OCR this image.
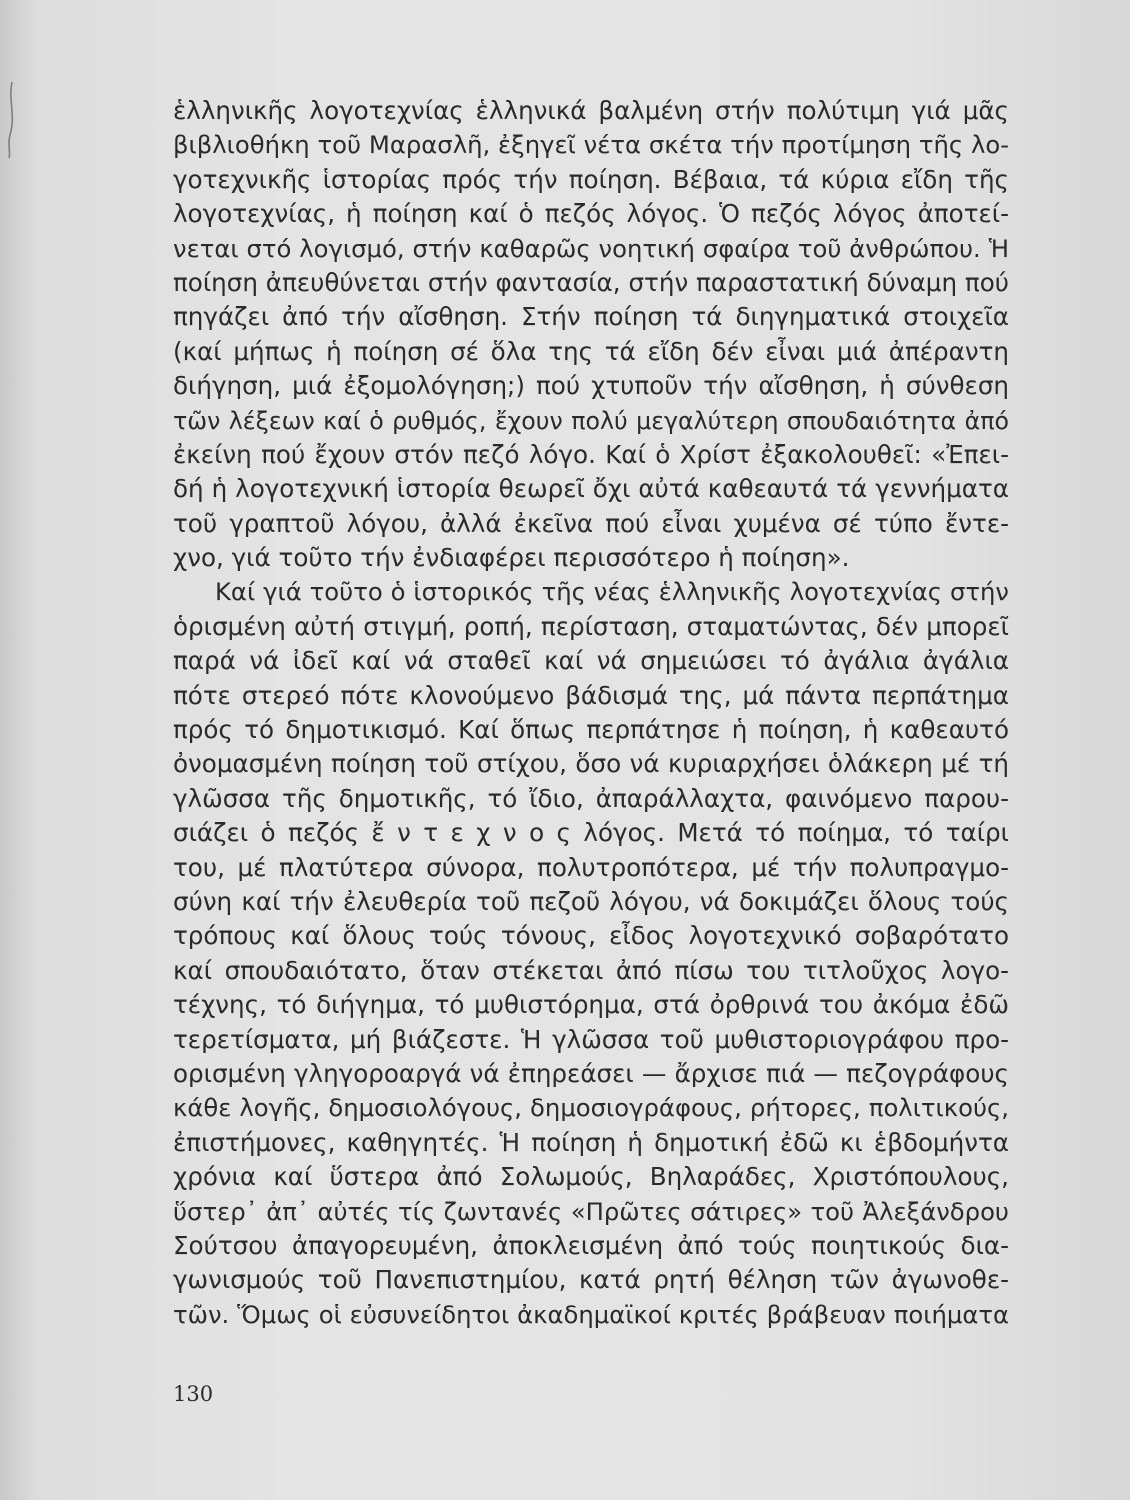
ἑλληνικῆς λογοτεχνίας ἑλληνικά βαλμένη στήν πολύτιμη γιά μᾶς
βιβλιοθήκη τοῦ Μαρασλῆ, ἐξηγεῖ νέτα σκέτα τήν προτίμηση τῆς λο-
γοτεχνικῆς ἱστορίας πρός τήν ποίηση. Βέβαια, τά κύρια εἴδη τῆς
λογοτεχνίας, ἡ ποίηση καί ὁ πεζός λόγος. Ὁ πεζός λόγος ἀποτεί-
νεται στό λογισμό, στήν καθαρῶς νοητική σφαίρα τοῦ ἀνθρώπου. Ἡ
ποίηση ἀπευθύνεται στήν φαντασία, στήν παραστατική δύναμη πού
πηγάζει ἀπό τήν αἴσθηση. Στήν ποίηση τά διηγηματικά στοιχεῖα
(καί μήπως ἡ ποίηση σέ ὅλα της τά εἴδη δέν εἶναι μιά ἀπέραντη
διήγηση, μιά ἐξομολόγηση;) πού χτυποῦν τήν αἴσθηση, ἡ σύνθεση
τῶν λέξεων καί ὁ ρυθμός, ἔχουν πολύ μεγαλύτερη σπουδαιότητα ἀπό
ἐκείνη πού ἔχουν στόν πεζό λόγο. Καί ὁ Χρίστ ἐξακολουθεῖ: «Ἐπει-
δή ἡ λογοτεχνική ἱστορία θεωρεῖ ὄχι αὐτά καθεαυτά τά γεννήματα
τοῦ γραπτοῦ λόγου, ἀλλά ἐκεῖνα πού εἶναι χυμένα σέ τύπο ἔντε-
χνο, γιά τοῦτο τήν ἐνδιαφέρει περισσότερο ἡ ποίηση».
Καί γιά τοῦτο ὁ ἱστορικός τῆς νέας ἑλληνικῆς λογοτεχνίας στήν
ὁρισμένη αὐτή στιγμή, ροπή, περίσταση, σταματώντας, δέν μπορεῖ
παρά νά ἰδεῖ καί νά σταθεῖ καί νά σημειώσει τό ἀγάλια ἀγάλια
πότε στερεό πότε κλονούμενο βάδισμά της, μά πάντα περπάτημα
πρός τό δημοτικισμό. Καί ὅπως περπάτησε ἡ ποίηση, ἡ καθεαυτό
ὀνομασμένη ποίηση τοῦ στίχου, ὅσο νά κυριαρχήσει ὁλάκερη μέ τή
γλῶσσα τῆς δημοτικῆς, τό ἴδιο, ἀπαράλλαχτα, φαινόμενο παρου-
σιάζει ὁ πεζός ἔ ν τ ε χ ν ο ς λόγος. Μετά τό ποίημα, τό ταίρι
του, μέ πλατύτερα σύνορα, πολυτροπότερα, μέ τήν πολυπραγμο-
σύνη καί τήν ἐλευθερία τοῦ πεζοῦ λόγου, νά δοκιμάζει ὅλους τούς
τρόπους καί ὅλους τούς τόνους, εἶδος λογοτεχνικό σοβαρότατο
καί σπουδαιότατο, ὅταν στέκεται ἀπό πίσω του τιτλοῦχος λογο-
τέχνης, τό διήγημα, τό μυθιστόρημα, στά ὀρθρινά του ἀκόμα ἐδῶ
τερετίσματα, μή βιάζεστε. Ἡ γλῶσσα τοῦ μυθιστοριογράφου προ-
ορισμένη γληγοροαργά νά ἐπηρεάσει — ἄρχισε πιά — πεζογράφους
κάθε λογῆς, δημοσιολόγους, δημοσιογράφους, ρήτορες, πολιτικούς,
ἐπιστήμονες, καθηγητές. Ἡ ποίηση ἡ δημοτική ἐδῶ κι ἑβδομήντα
χρόνια καί ὕστερα ἀπό Σολωμούς, Βηλαράδες, Χριστόπουλους,
ὕστερ᾿ ἀπ᾿ αὐτές τίς ζωντανές «Πρῶτες σάτιρες» τοῦ Ἀλεξάνδρου
Σούτσου ἀπαγορευμένη, ἀποκλεισμένη ἀπό τούς ποιητικούς δια-
γωνισμούς τοῦ Πανεπιστημίου, κατά ρητή θέληση τῶν ἀγωνοθε-
τῶν. Ὅμως οἱ εὐσυνείδητοι ἀκαδημαϊκοί κριτές βράβευαν ποιήματα
130
